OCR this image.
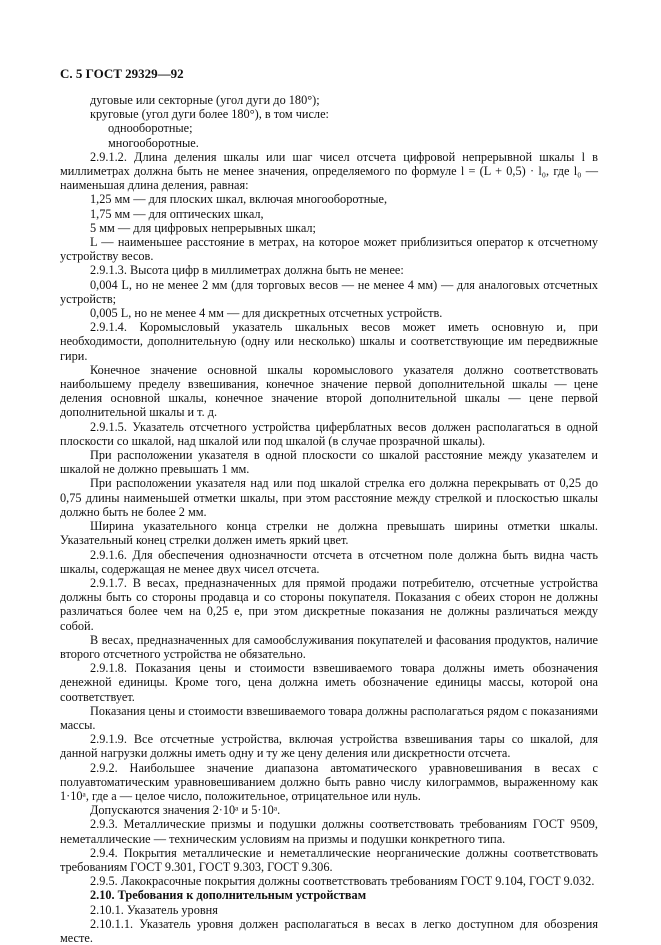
С. 5 ГОСТ 29329—92

дуговые или секторные (угол дуги до 180°);

круговые (угол дуги более 180°), в том числе:

однооборотные;

многооборотные.

2.9.1.2. Длина деления шкалы или шаг чисел отсчета цифровой непрерывной шкалы l в миллиметрах должна быть не менее значения, определяемого по формуле l = (L + 0,5) · l₀, где l₀ — наименьшая длина деления, равная:

1,25 мм — для плоских шкал, включая многооборотные,

1,75 мм — для оптических шкал,

5 мм — для цифровых непрерывных шкал;

L — наименьшее расстояние в метрах, на которое может приблизиться оператор к отсчетному устройству весов.

2.9.1.3. Высота цифр в миллиметрах должна быть не менее:

0,004 L, но не менее 2 мм (для торговых весов — не менее 4 мм) — для аналоговых отсчетных устройств;

0,005 L, но не менее 4 мм — для дискретных отсчетных устройств.

2.9.1.4. Коромысловый указатель шкальных весов может иметь основную и, при необходимости, дополнительную (одну или несколько) шкалы и соответствующие им передвижные гири.

Конечное значение основной шкалы коромыслового указателя должно соответствовать наибольшему пределу взвешивания, конечное значение первой дополнительной шкалы — цене деления основной шкалы, конечное значение второй дополнительной шкалы — цене первой дополнительной шкалы и т. д.

2.9.1.5. Указатель отсчетного устройства циферблатных весов должен располагаться в одной плоскости со шкалой, над шкалой или под шкалой (в случае прозрачной шкалы).

При расположении указателя в одной плоскости со шкалой расстояние между указателем и шкалой не должно превышать 1 мм.

При расположении указателя над или под шкалой стрелка его должна перекрывать от 0,25 до 0,75 длины наименьшей отметки шкалы, при этом расстояние между стрелкой и плоскостью шкалы должно быть не более 2 мм.

Ширина указательного конца стрелки не должна превышать ширины отметки шкалы. Указательный конец стрелки должен иметь яркий цвет.

2.9.1.6. Для обеспечения однозначности отсчета в отсчетном поле должна быть видна часть шкалы, содержащая не менее двух чисел отсчета.

2.9.1.7. В весах, предназначенных для прямой продажи потребителю, отсчетные устройства должны быть со стороны продавца и со стороны покупателя. Показания с обеих сторон не должны различаться более чем на 0,25 e, при этом дискретные показания не должны различаться между собой.

В весах, предназначенных для самообслуживания покупателей и фасования продуктов, наличие второго отсчетного устройства не обязательно.

2.9.1.8. Показания цены и стоимости взвешиваемого товара должны иметь обозначения денежной единицы. Кроме того, цена должна иметь обозначение единицы массы, которой она соответствует.

Показания цены и стоимости взвешиваемого товара должны располагаться рядом с показаниями массы.

2.9.1.9. Все отсчетные устройства, включая устройства взвешивания тары со шкалой, для данной нагрузки должны иметь одну и ту же цену деления или дискретности отсчета.

2.9.2. Наибольшее значение диапазона автоматического уравновешивания в весах с полуавтоматическим уравновешиванием должно быть равно числу килограммов, выраженному как 1·10ᵃ, где a — целое число, положительное, отрицательное или нуль.

Допускаются значения 2·10ᵃ и 5·10ᵃ.

2.9.3. Металлические призмы и подушки должны соответствовать требованиям ГОСТ 9509, неметаллические — техническим условиям на призмы и подушки конкретного типа.

2.9.4. Покрытия металлические и неметаллические неорганические должны соответствовать требованиям ГОСТ 9.301, ГОСТ 9.303, ГОСТ 9.306.

2.9.5. Лакокрасочные покрытия должны соответствовать требованиям ГОСТ 9.104, ГОСТ 9.032.

2.10. Требования к дополнительным устройствам

2.10.1. Указатель уровня

2.10.1.1. Указатель уровня должен располагаться в весах в легко доступном для обозрения месте.
